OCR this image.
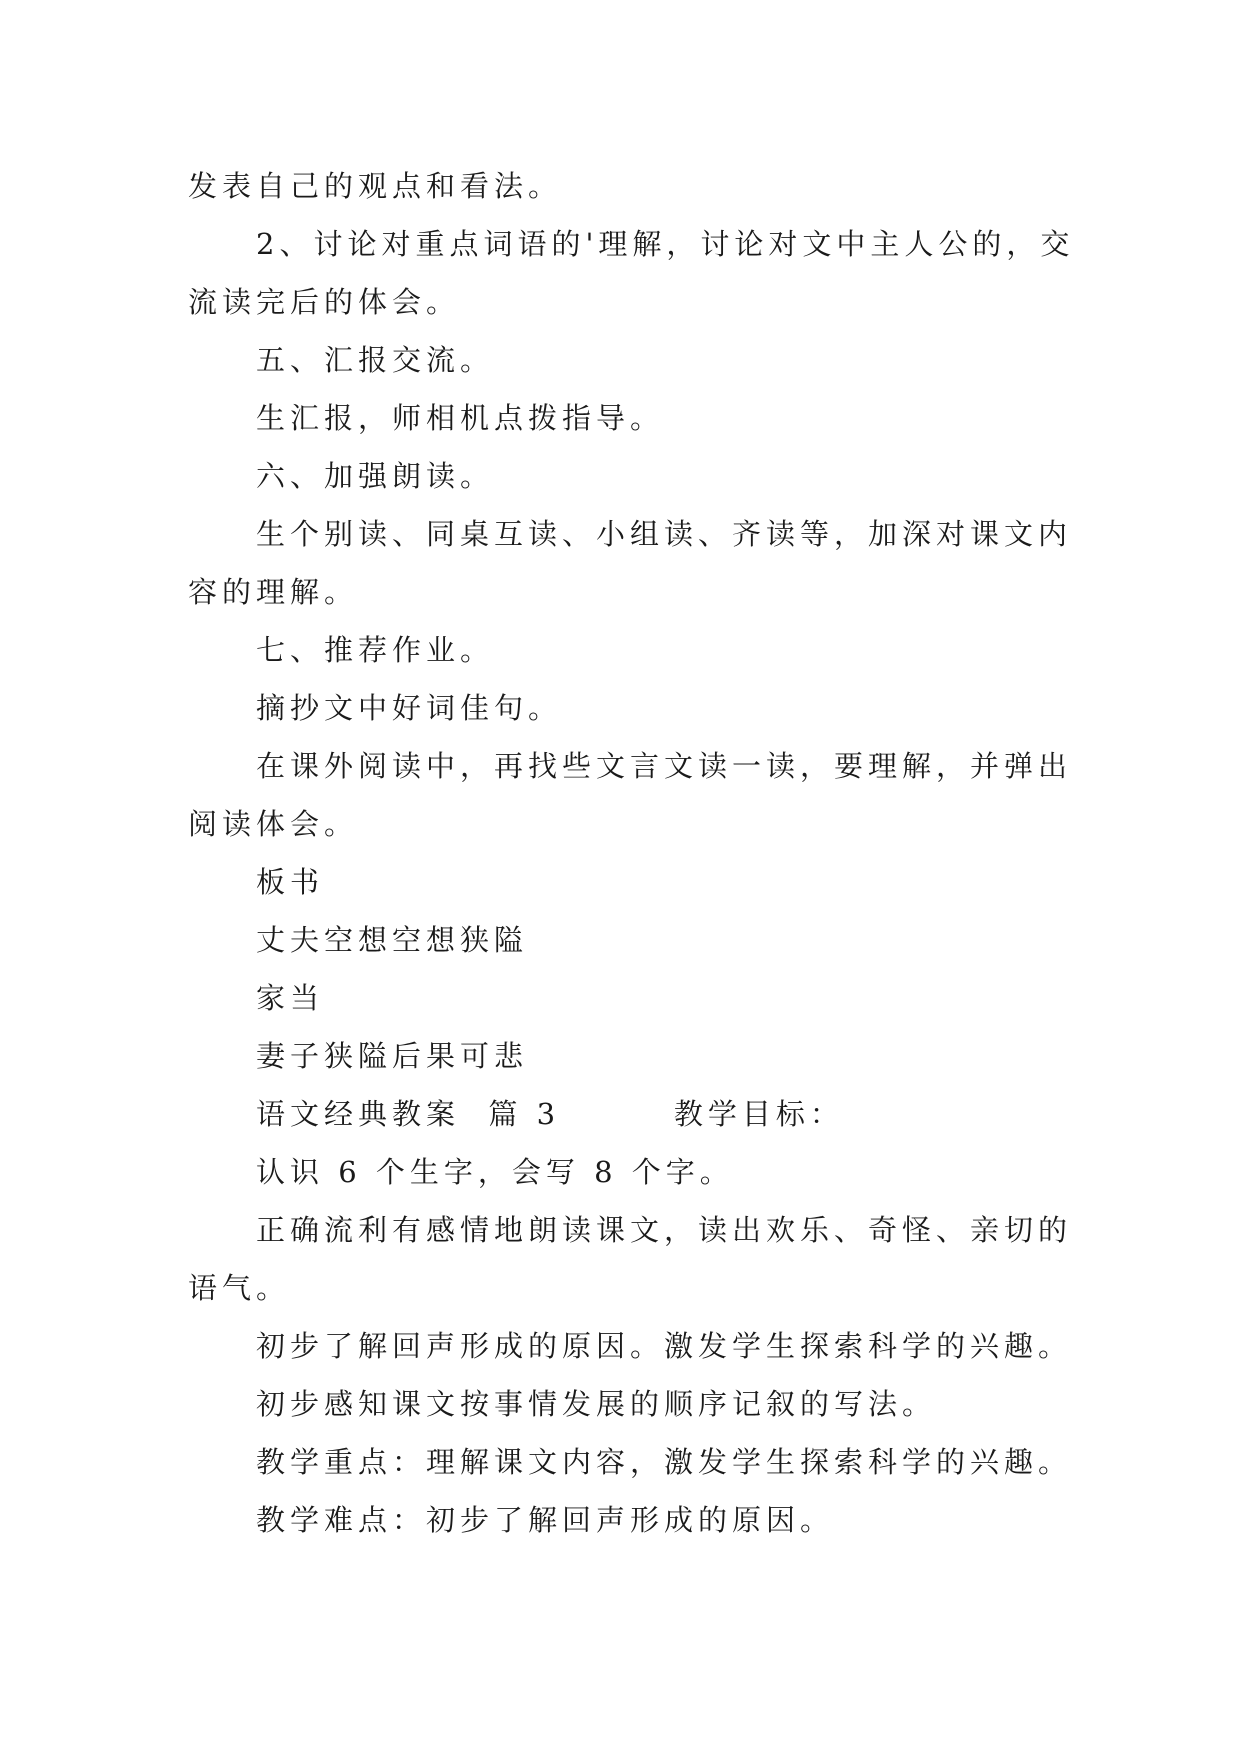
发表自己的观点和看法。

2、讨论对重点词语的'理解，讨论对文中主人公的，交

流读完后的体会。

五、汇报交流。

生汇报，师相机点拨指导。

六、加强朗读。

生个别读、同桌互读、小组读、齐读等，加深对课文内

容的理解。

七、推荐作业。

摘抄文中好词佳句。

在课外阅读中，再找些文言文读一读，要理解，并弹出

阅读体会。

板书

丈夫空想空想狭隘

家当

妻子狭隘后果可悲

语文经典教案  篇 3        教学目标：

认识 6 个生字，会写 8 个字。

正确流利有感情地朗读课文，读出欢乐、奇怪、亲切的

语气。

初步了解回声形成的原因。激发学生探索科学的兴趣。

初步感知课文按事情发展的顺序记叙的写法。

教学重点：理解课文内容，激发学生探索科学的兴趣。

教学难点：初步了解回声形成的原因。
